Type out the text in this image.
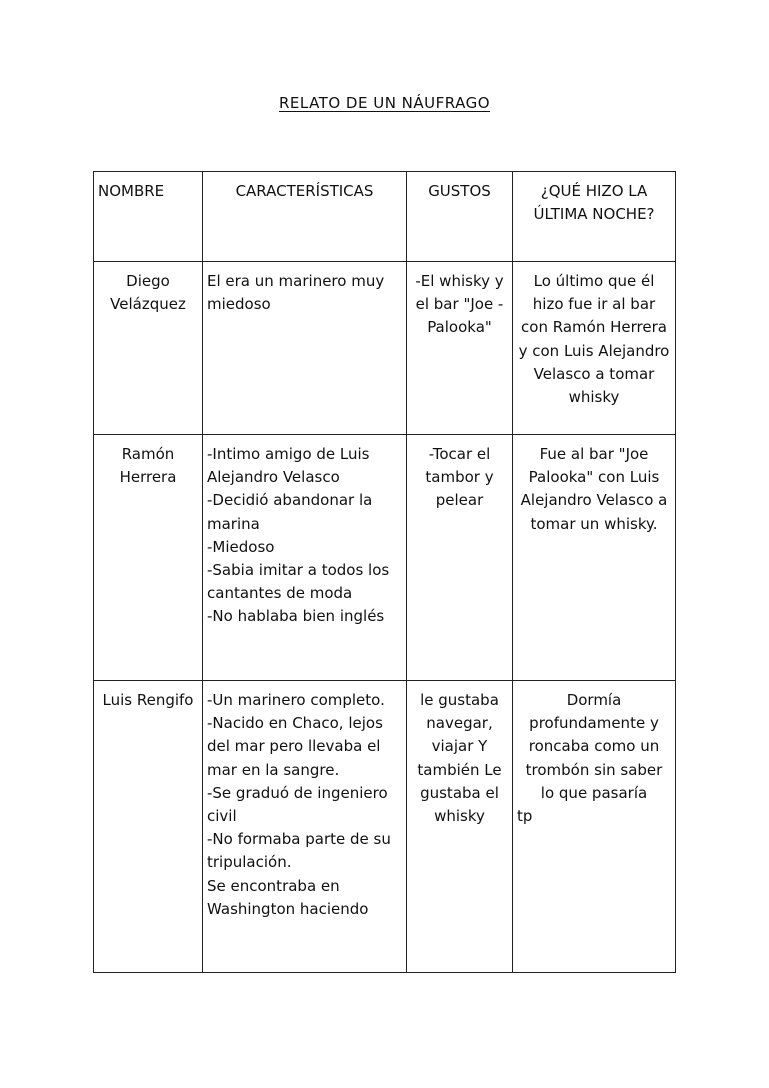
RELATO DE UN NÁUFRAGO
NOMBRE	CARACTERÍSTICAS	GUSTOS	¿QUÉ HIZO LA ÚLTIMA NOCHE?
Diego Velázquez	El era un marinero muy miedoso	-El whisky y el bar "Joe - Palooka"	Lo último que él hizo fue ir al bar con Ramón Herrera y con Luis Alejandro Velasco a tomar whisky

Ramón Herrera	-Intimo amigo de Luis Alejandro Velasco
-Decidió abandonar la marina
-Miedoso
-Sabia imitar a todos los cantantes de moda
-No hablaba bien inglés	-Tocar el tambor y pelear	Fue al bar "Joe Palooka" con Luis Alejandro Velasco a tomar un whisky.

Luis Rengifo	-Un marinero completo.
-Nacido en Chaco, lejos del mar pero llevaba el mar en la sangre.
-Se graduó de ingeniero civil
-No formaba parte de su tripulación.
Se encontraba en Washington haciendo	le gustaba navegar, viajar Y también Le gustaba el whisky	Dormía profundamente y roncaba como un trombón sin saber lo que pasaría
tp
